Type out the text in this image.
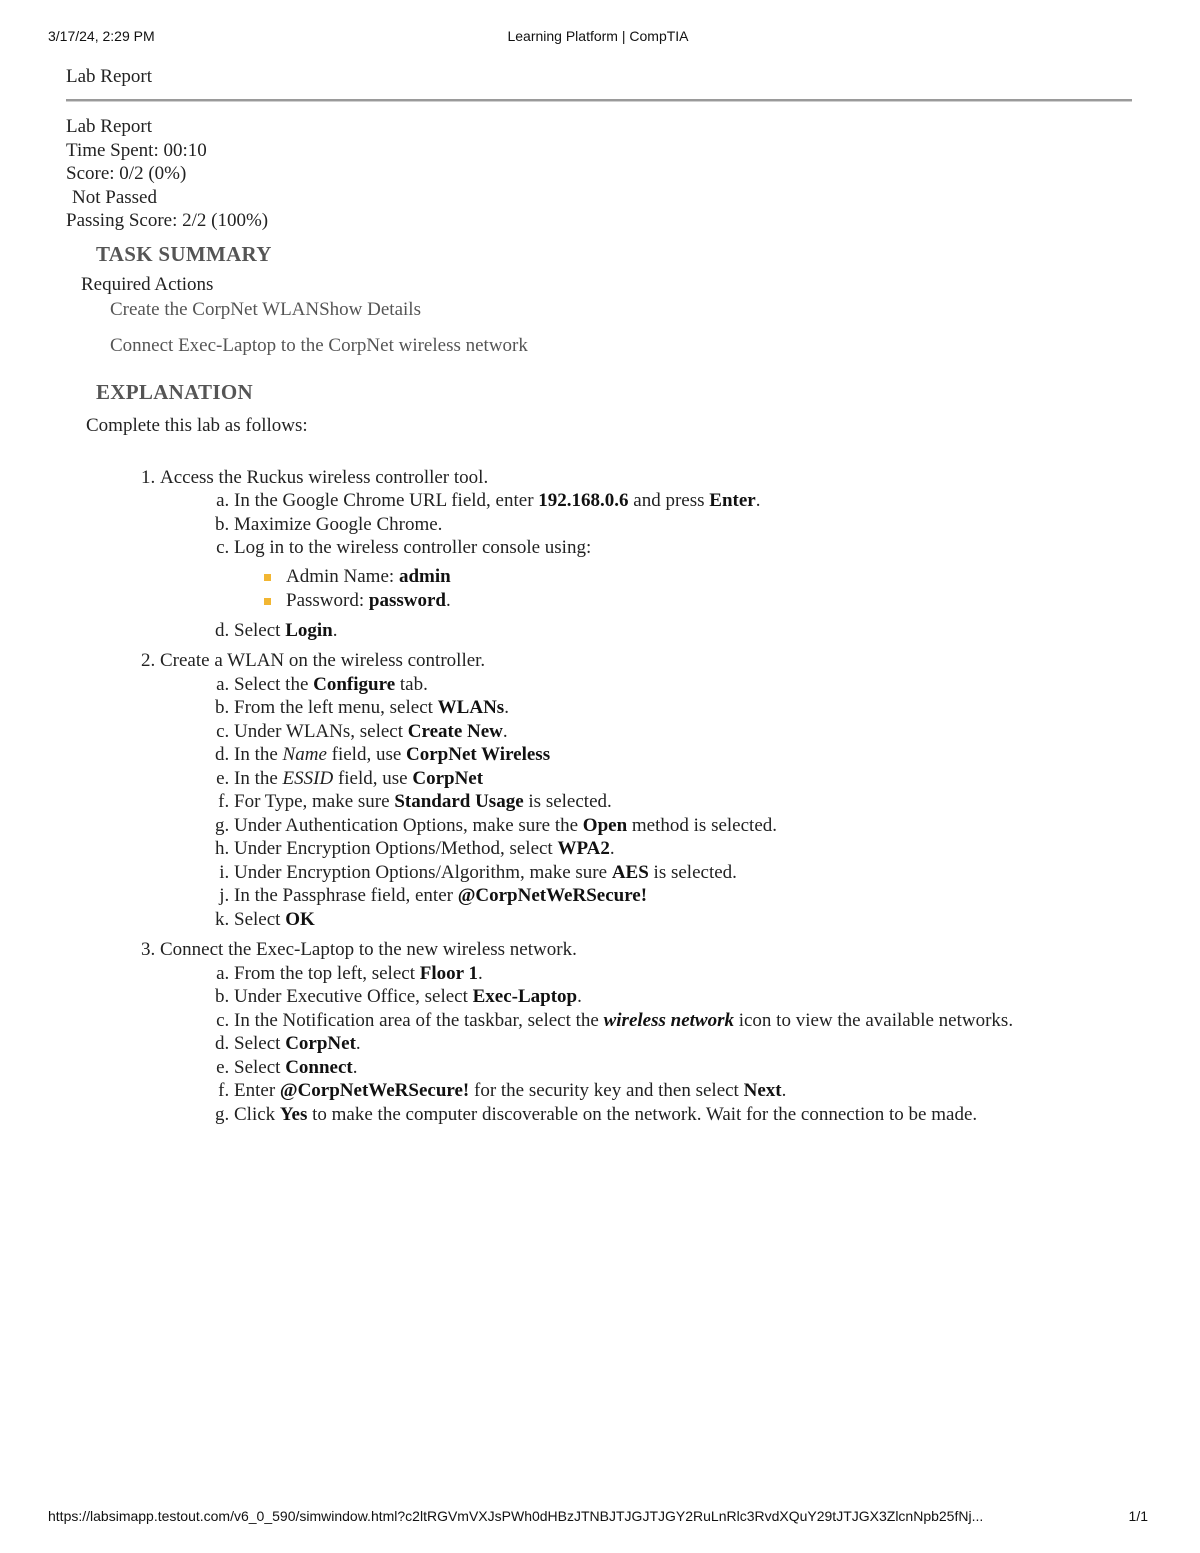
3/17/24, 2:29 PM	Learning Platform | CompTIA
Lab Report
Lab Report
Time Spent: 00:10
Score: 0/2 (0%)
Not Passed
Passing Score: 2/2 (100%)
TASK SUMMARY
Required Actions
Create the CorpNet WLANShow Details
Connect Exec-Laptop to the CorpNet wireless network
EXPLANATION
Complete this lab as follows:
1. Access the Ruckus wireless controller tool.
a. In the Google Chrome URL field, enter 192.168.0.6 and press Enter.
b. Maximize Google Chrome.
c. Log in to the wireless controller console using:
Admin Name: admin
Password: password.
d. Select Login.
2. Create a WLAN on the wireless controller.
a. Select the Configure tab.
b. From the left menu, select WLANs.
c. Under WLANs, select Create New.
d. In the Name field, use CorpNet Wireless
e. In the ESSID field, use CorpNet
f. For Type, make sure Standard Usage is selected.
g. Under Authentication Options, make sure the Open method is selected.
h. Under Encryption Options/Method, select WPA2.
i. Under Encryption Options/Algorithm, make sure AES is selected.
j. In the Passphrase field, enter @CorpNetWeRSecure!
k. Select OK
3. Connect the Exec-Laptop to the new wireless network.
a. From the top left, select Floor 1.
b. Under Executive Office, select Exec-Laptop.
c. In the Notification area of the taskbar, select the wireless network icon to view the available networks.
d. Select CorpNet.
e. Select Connect.
f. Enter @CorpNetWeRSecure! for the security key and then select Next.
g. Click Yes to make the computer discoverable on the network. Wait for the connection to be made.
https://labsimapp.testout.com/v6_0_590/simwindow.html?c2ltRGVmVXJsPWh0dHBzJTNBJTJGJTJGY2RuLnRlc3RvdXQuY29tJTJGX3ZlcnNpb25fNj...	1/1
